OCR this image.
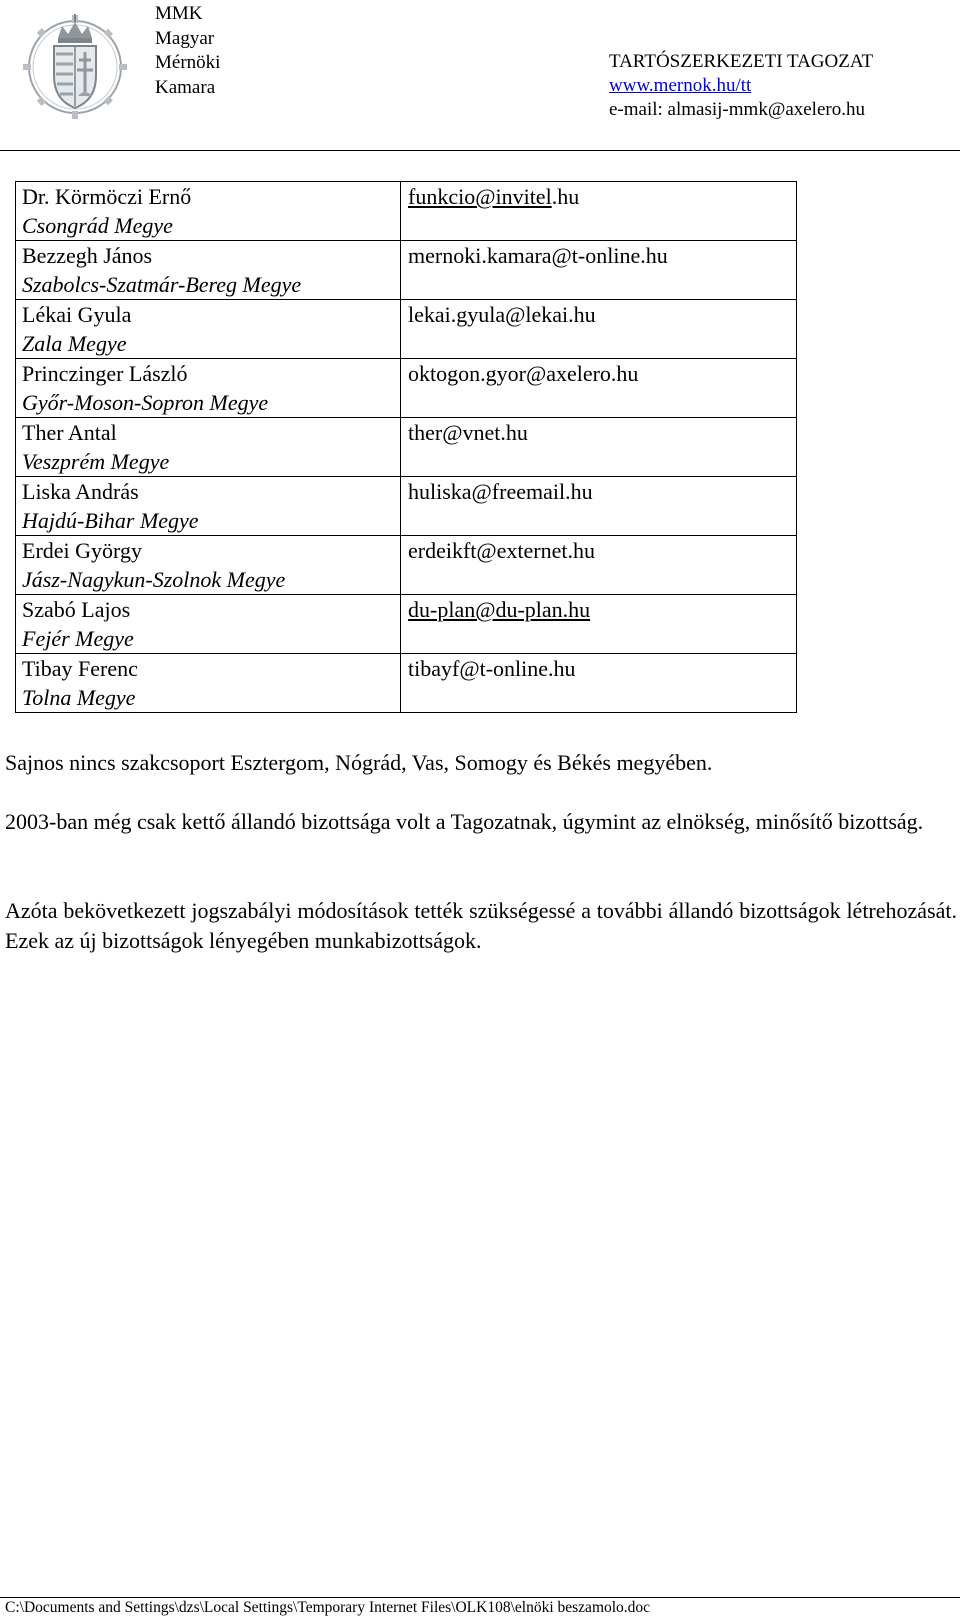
MMK
Magyar
Mérnöki
Kamara
TARTÓSZERKEZETI TAGOZAT
www.mernok.hu/tt
e-mail: almasij-mmk@axelero.hu
Dr. Körmöczi Ernő
Csongrád Megye	funkcio@invitel.hu

Bezzegh János
Szabolcs-Szatmár-Bereg Megye	mernoki.kamara@t-online.hu

Lékai Gyula
Zala Megye	lekai.gyula@lekai.hu

Princzinger László
Győr-Moson-Sopron Megye	oktogon.gyor@axelero.hu

Ther Antal
Veszprém Megye	ther@vnet.hu

Liska András
Hajdú-Bihar Megye	huliska@freemail.hu

Erdei György
Jász-Nagykun-Szolnok Megye	erdeikft@externet.hu

Szabó Lajos
Fejér Megye	du-plan@du-plan.hu

Tibay Ferenc
Tolna Megye	tibayf@t-online.hu

Sajnos nincs szakcsoport Esztergom, Nógrád, Vas, Somogy és Békés megyében.

2003-ban még csak kettő állandó bizottsága volt a Tagozatnak, úgymint az elnökség, minősítő bizottság.

Azóta bekövetkezett jogszabályi módosítások tették szükségessé a további állandó bizottságok létrehozását. Ezek az új bizottságok lényegében munkabizottságok.

C:\Documents and Settings\dzs\Local Settings\Temporary Internet Files\OLK108\elnöki beszamolo.doc
